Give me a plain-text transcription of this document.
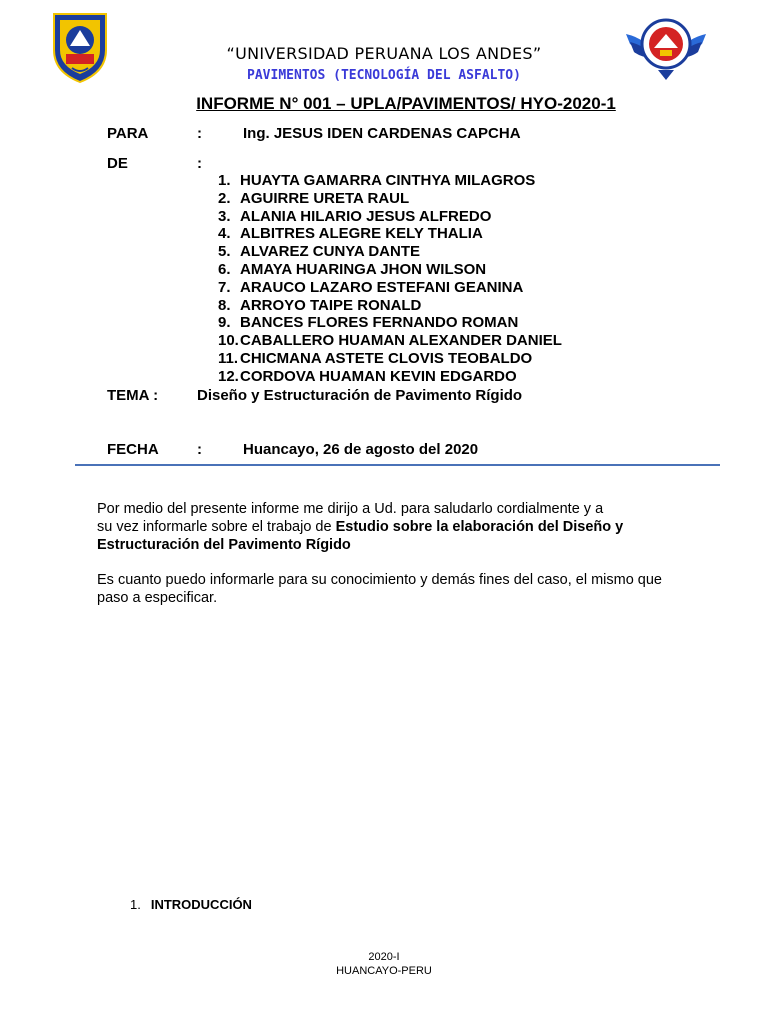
“UNIVERSIDAD PERUANA LOS ANDES”
PAVIMENTOS (TECNOLOGÍA DEL ASFALTO)
INFORME N° 001 – UPLA/PAVIMENTOS/ HYO-2020-1
PARA	:	Ing. JESUS IDEN CARDENAS CAPCHA
DE	:
1. HUAYTA GAMARRA CINTHYA MILAGROS
2. AGUIRRE URETA RAUL
3. ALANIA HILARIO JESUS ALFREDO
4. ALBITRES ALEGRE KELY THALIA
5. ALVAREZ CUNYA DANTE
6. AMAYA HUARINGA JHON WILSON
7. ARAUCO LAZARO ESTEFANI GEANINA
8. ARROYO TAIPE RONALD
9. BANCES FLORES FERNANDO ROMAN
10. CABALLERO HUAMAN ALEXANDER DANIEL
11. CHICMANA ASTETE CLOVIS TEOBALDO
12. CORDOVA HUAMAN KEVIN EDGARDO
TEMA :	Diseño y Estructuración de Pavimento Rígido
FECHA	:	Huancayo, 26 de agosto del 2020
Por medio del presente informe me dirijo a Ud. para saludarlo cordialmente y a
su vez informarle sobre el trabajo de Estudio sobre la elaboración del Diseño y Estructuración del Pavimento Rígido
Es cuanto puedo informarle para su conocimiento y demás fines del caso, el mismo que paso a especificar.
1. INTRODUCCIÓN
2020-I
HUANCAYO-PERU
